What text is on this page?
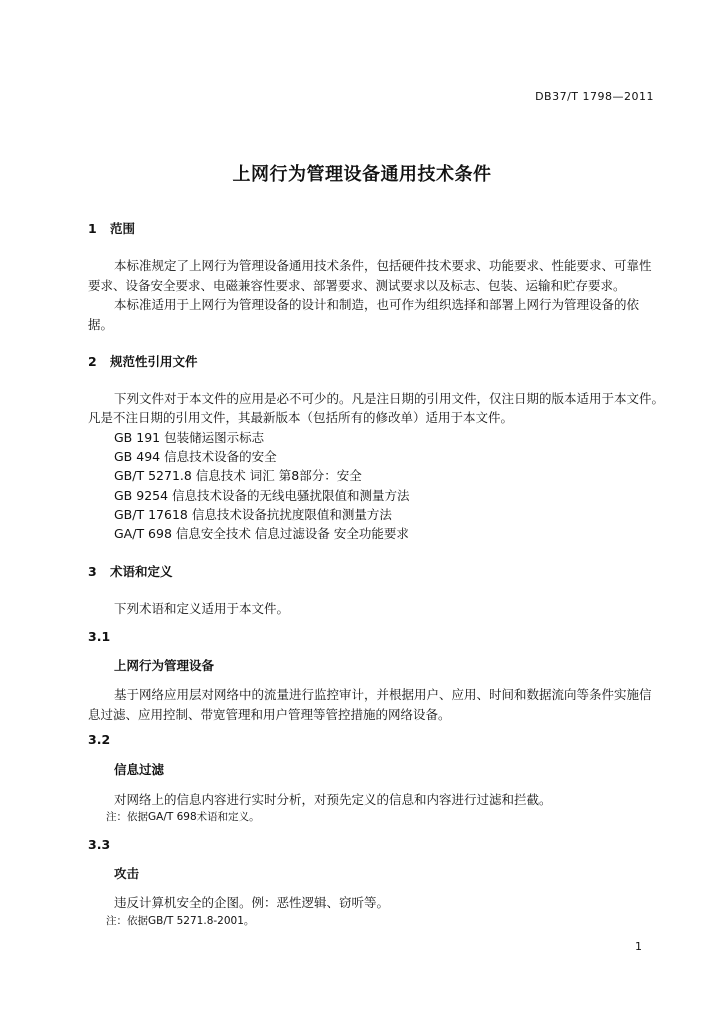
DB37/T 1798—2011
上网行为管理设备通用技术条件
1 范围
本标准规定了上网行为管理设备通用技术条件，包括硬件技术要求、功能要求、性能要求、可靠性
要求、设备安全要求、电磁兼容性要求、部署要求、测试要求以及标志、包装、运输和贮存要求。
本标准适用于上网行为管理设备的设计和制造，也可作为组织选择和部署上网行为管理设备的依
据。
2 规范性引用文件
下列文件对于本文件的应用是必不可少的。凡是注日期的引用文件，仅注日期的版本适用于本文件。
凡是不注日期的引用文件，其最新版本（包括所有的修改单）适用于本文件。
GB 191 包装储运图示标志
GB 494 信息技术设备的安全
GB/T 5271.8 信息技术 词汇 第8部分：安全
GB 9254 信息技术设备的无线电骚扰限值和测量方法
GB/T 17618 信息技术设备抗扰度限值和测量方法
GA/T 698 信息安全技术 信息过滤设备 安全功能要求
3 术语和定义
下列术语和定义适用于本文件。
3.1
上网行为管理设备
基于网络应用层对网络中的流量进行监控审计，并根据用户、应用、时间和数据流向等条件实施信
息过滤、应用控制、带宽管理和用户管理等管控措施的网络设备。
3.2
信息过滤
对网络上的信息内容进行实时分析，对预先定义的信息和内容进行过滤和拦截。
注：依据GA/T 698术语和定义。
3.3
攻击
违反计算机安全的企图。例：恶性逻辑、窃听等。
注：依据GB/T 5271.8-2001。
1
